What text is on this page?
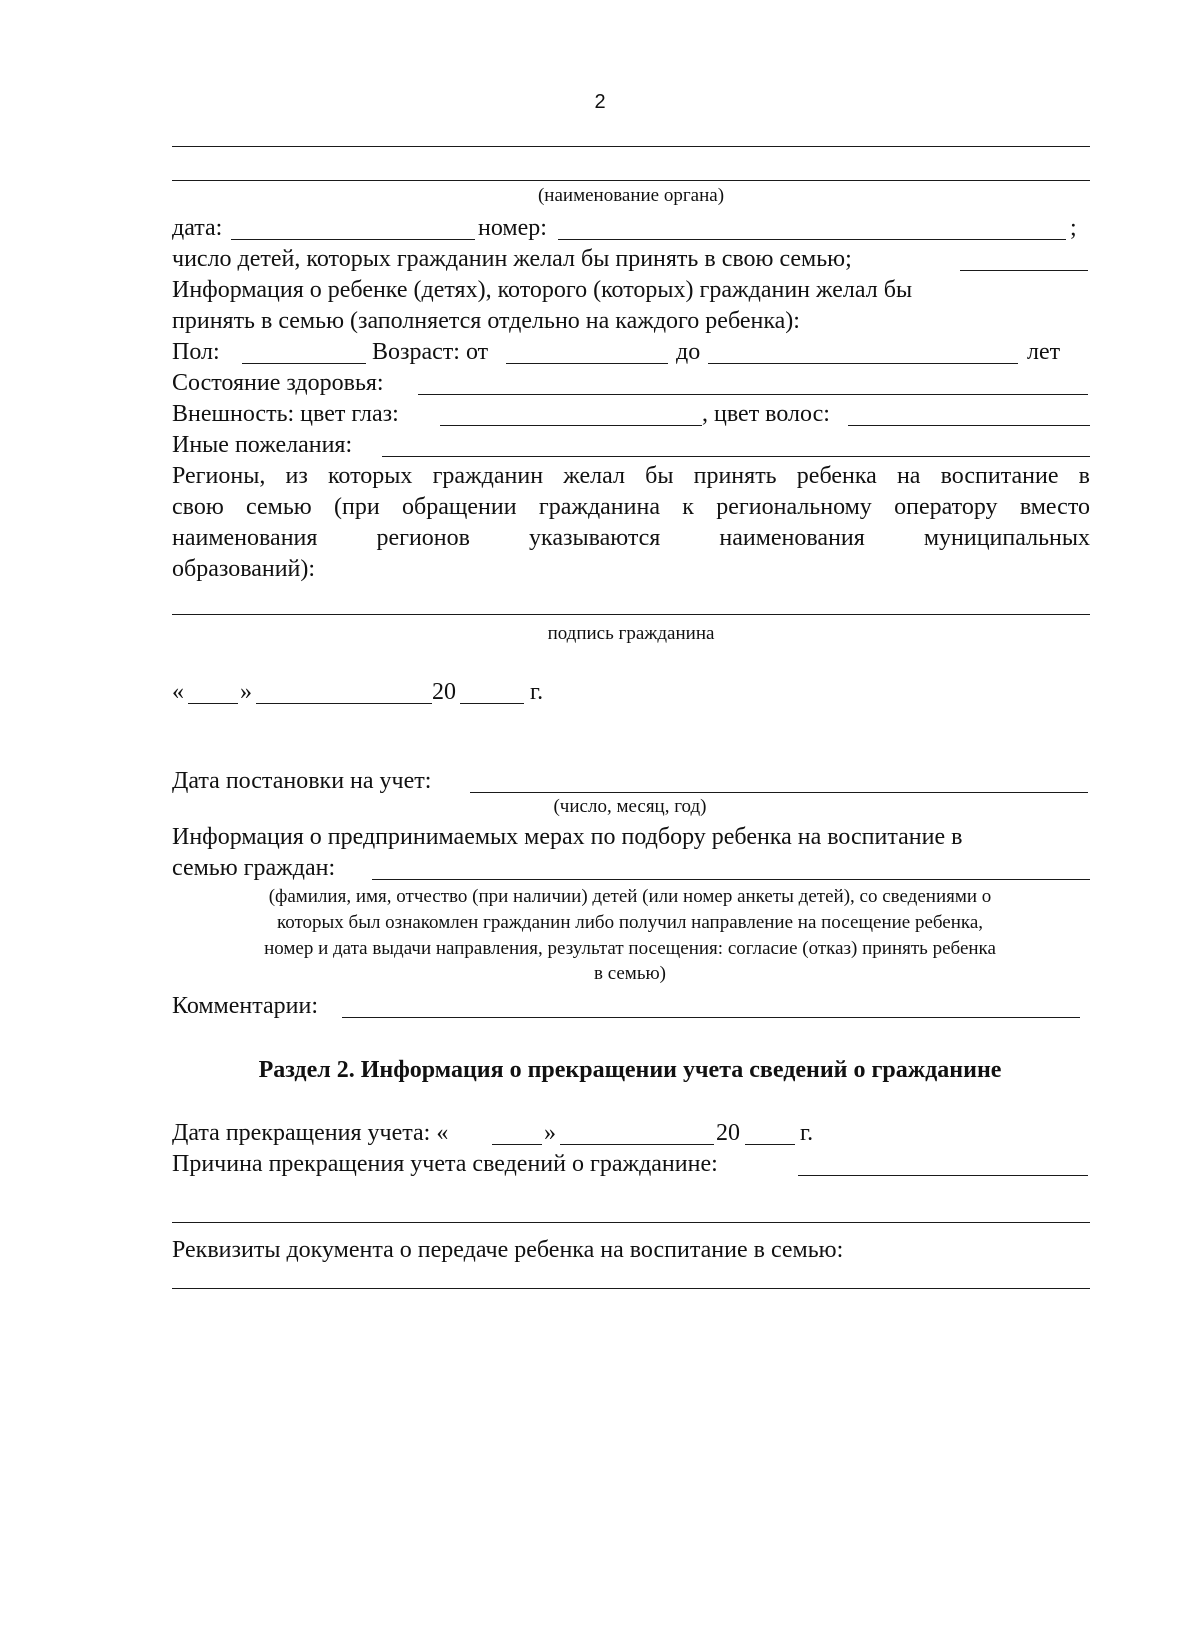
2
(наименование органа)
дата:	номер:	;
число детей, которых гражданин желал бы принять в свою семью;
Информация о ребенке (детях), которого (которых) гражданин желал бы
принять в семью (заполняется отдельно на каждого ребенка):
Пол:	Возраст: от	до	лет
Состояние здоровья:
Внешность: цвет глаз:	, цвет волос:
Иные пожелания:
Регионы, из которых гражданин желал бы принять ребенка на воспитание в
свою семью (при обращении гражданина к региональному оператору вместо
наименования регионов указываются наименования муниципальных
образований):
подпись гражданина
« »	20	г.
Дата постановки на учет:
(число, месяц, год)
Информация о предпринимаемых мерах по подбору ребенка на воспитание в
семью граждан:
(фамилия, имя, отчество (при наличии) детей (или номер анкеты детей), со сведениями о
которых был ознакомлен гражданин либо получил направление на посещение ребенка,
номер и дата выдачи направления, результат посещения: согласие (отказ) принять ребенка
в семью)
Комментарии:
Раздел 2. Информация о прекращении учета сведений о гражданине
Дата прекращения учета: «	»	20	г.
Причина прекращения учета сведений о гражданине:
Реквизиты документа о передаче ребенка на воспитание в семью:
